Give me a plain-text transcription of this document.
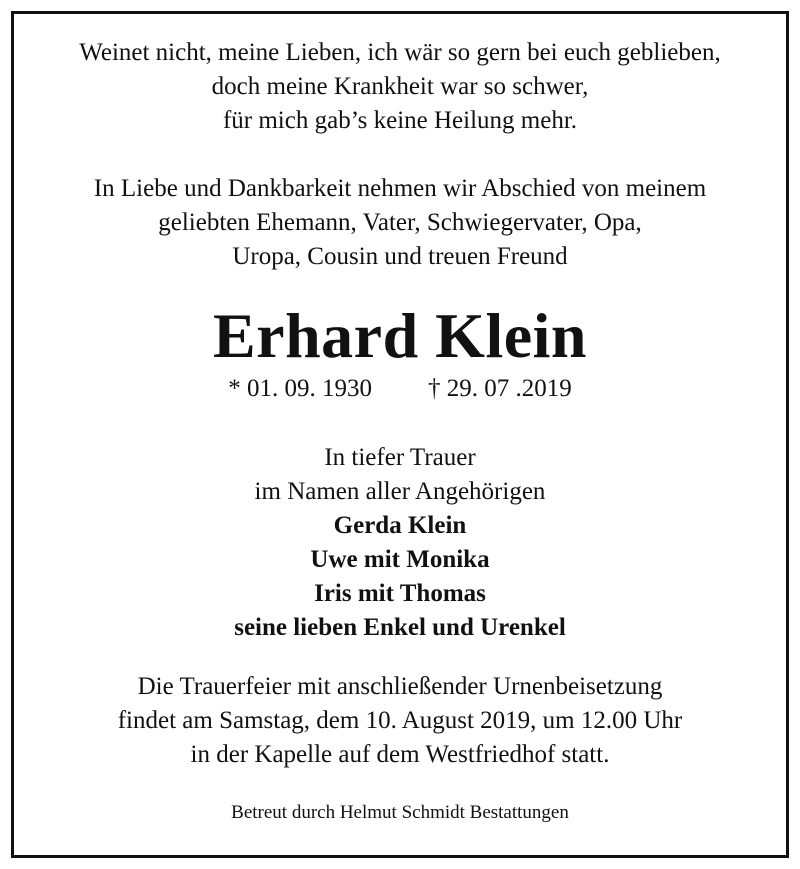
Weinet nicht, meine Lieben, ich wär so gern bei euch geblieben,
doch meine Krankheit war so schwer,
für mich gab’s keine Heilung mehr.
In Liebe und Dankbarkeit nehmen wir Abschied von meinem
geliebten Ehemann, Vater, Schwiegervater, Opa,
Uropa, Cousin und treuen Freund
Erhard Klein
* 01. 09. 1930 † 29. 07 .2019
In tiefer Trauer
im Namen aller Angehörigen
Gerda Klein
Uwe mit Monika
Iris mit Thomas
seine lieben Enkel und Urenkel
Die Trauerfeier mit anschließender Urnenbeisetzung
findet am Samstag, dem 10. August 2019, um 12.00 Uhr
in der Kapelle auf dem Westfriedhof statt.
Betreut durch Helmut Schmidt Bestattungen
